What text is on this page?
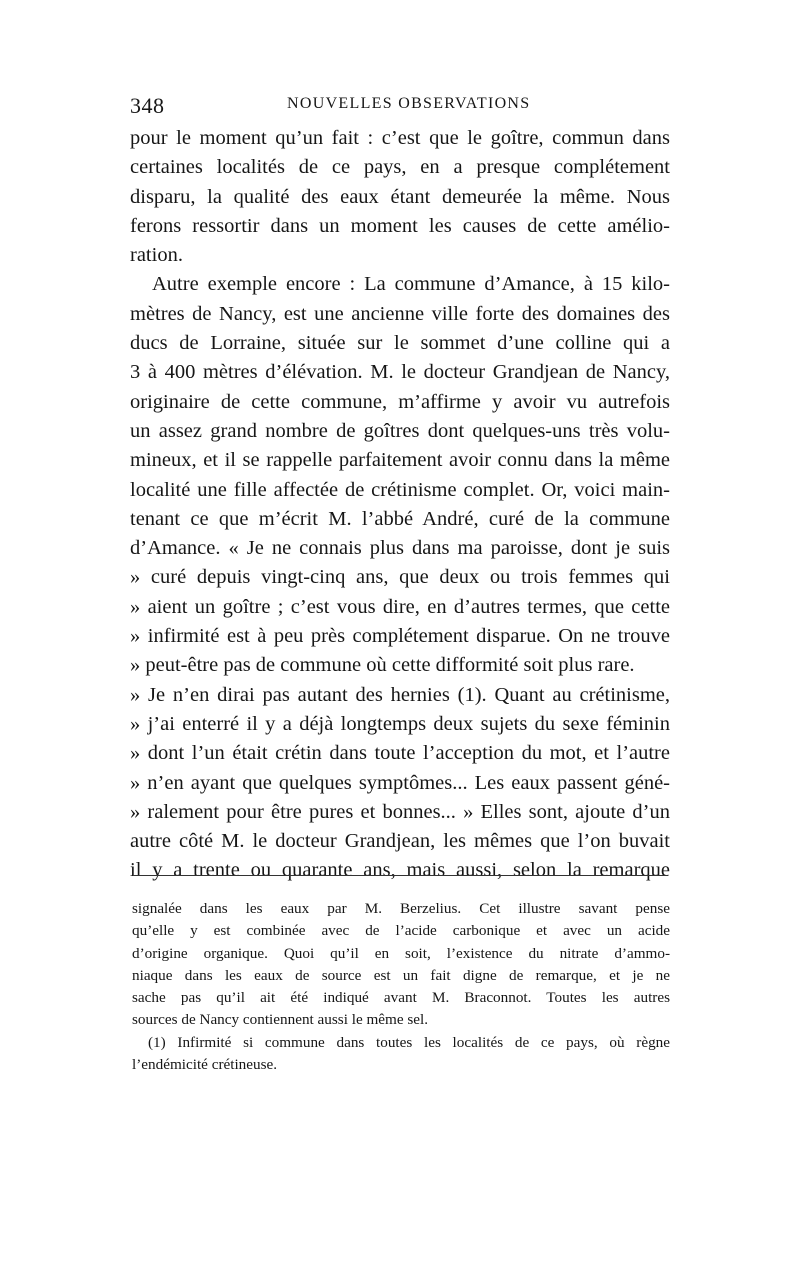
348	NOUVELLES OBSERVATIONS
pour le moment qu’un fait : c’est que le goître, commun dans
certaines localités de ce pays, en a presque complétement
disparu, la qualité des eaux étant demeurée la même. Nous
ferons ressortir dans un moment les causes de cette amélio-
ration.
Autre exemple encore : La commune d’Amance, à 15 kilo-
mètres de Nancy, est une ancienne ville forte des domaines des
ducs de Lorraine, située sur le sommet d’une colline qui a
3 à 400 mètres d’élévation. M. le docteur Grandjean de Nancy,
originaire de cette commune, m’affirme y avoir vu autrefois
un assez grand nombre de goîtres dont quelques-uns très volu-
mineux, et il se rappelle parfaitement avoir connu dans la même
localité une fille affectée de crétinisme complet. Or, voici main-
tenant ce que m’écrit M. l’abbé André, curé de la commune
d’Amance. « Je ne connais plus dans ma paroisse, dont je suis
» curé depuis vingt-cinq ans, que deux ou trois femmes qui
» aient un goître ; c’est vous dire, en d’autres termes, que cette
» infirmité est à peu près complétement disparue. On ne trouve
» peut-être pas de commune où cette difformité soit plus rare.
» Je n’en dirai pas autant des hernies (1). Quant au crétinisme,
» j’ai enterré il y a déjà longtemps deux sujets du sexe féminin
» dont l’un était crétin dans toute l’acception du mot, et l’autre
» n’en ayant que quelques symptômes... Les eaux passent géné-
» ralement pour être pures et bonnes... » Elles sont, ajoute d’un
autre côté M. le docteur Grandjean, les mêmes que l’on buvait
il y a trente ou quarante ans, mais aussi, selon la remarque
signalée dans les eaux par M. Berzelius. Cet illustre savant pense
qu’elle y est combinée avec de l’acide carbonique et avec un acide
d’origine organique. Quoi qu’il en soit, l’existence du nitrate d’ammo-
niaque dans les eaux de source est un fait digne de remarque, et je ne
sache pas qu’il ait été indiqué avant M. Braconnot. Toutes les autres
sources de Nancy contiennent aussi le même sel.
(1) Infirmité si commune dans toutes les localités de ce pays, où règne
l’endémicité crétineuse.
